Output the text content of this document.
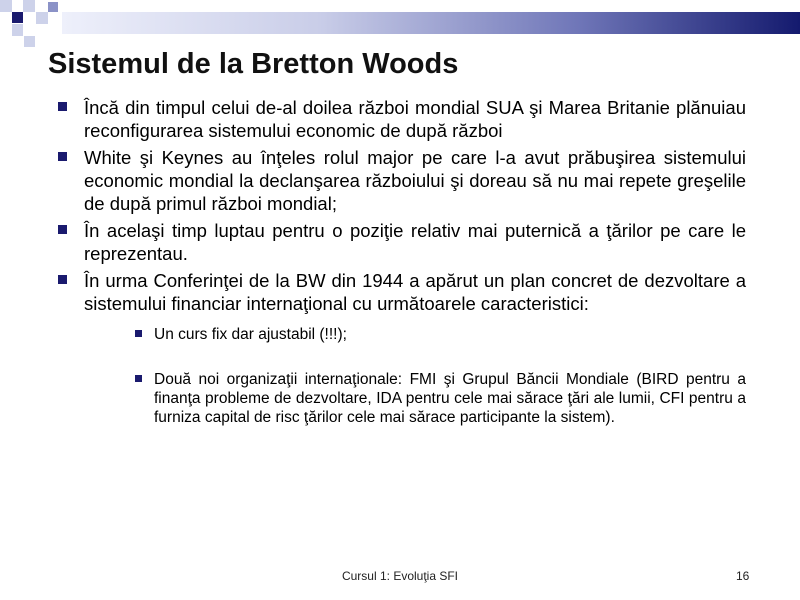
Sistemul de la Bretton Woods
Încă din timpul celui de-al doilea război mondial SUA şi Marea Britanie plănuiau reconfigurarea sistemului economic de după război
White şi Keynes au înţeles rolul major pe care l-a avut prăbuşirea sistemului economic mondial la declanşarea războiului şi doreau să nu mai repete greşelile de după primul război mondial;
În acelaşi timp luptau pentru o poziţie relativ mai puternică a ţărilor pe care le reprezentau.
În urma Conferinţei de la BW din 1944 a apărut un plan concret de dezvoltare a sistemului financiar internaţional cu următoarele caracteristici:
Un curs fix dar ajustabil (!!!);
Două noi organizaţii internaţionale: FMI şi Grupul Băncii Mondiale (BIRD pentru a finanţa probleme de dezvoltare, IDA pentru cele mai sărace ţări ale lumii, CFI pentru a furniza capital de risc ţărilor cele mai sărace participante la sistem).
Cursul 1: Evoluţia SFI	16
